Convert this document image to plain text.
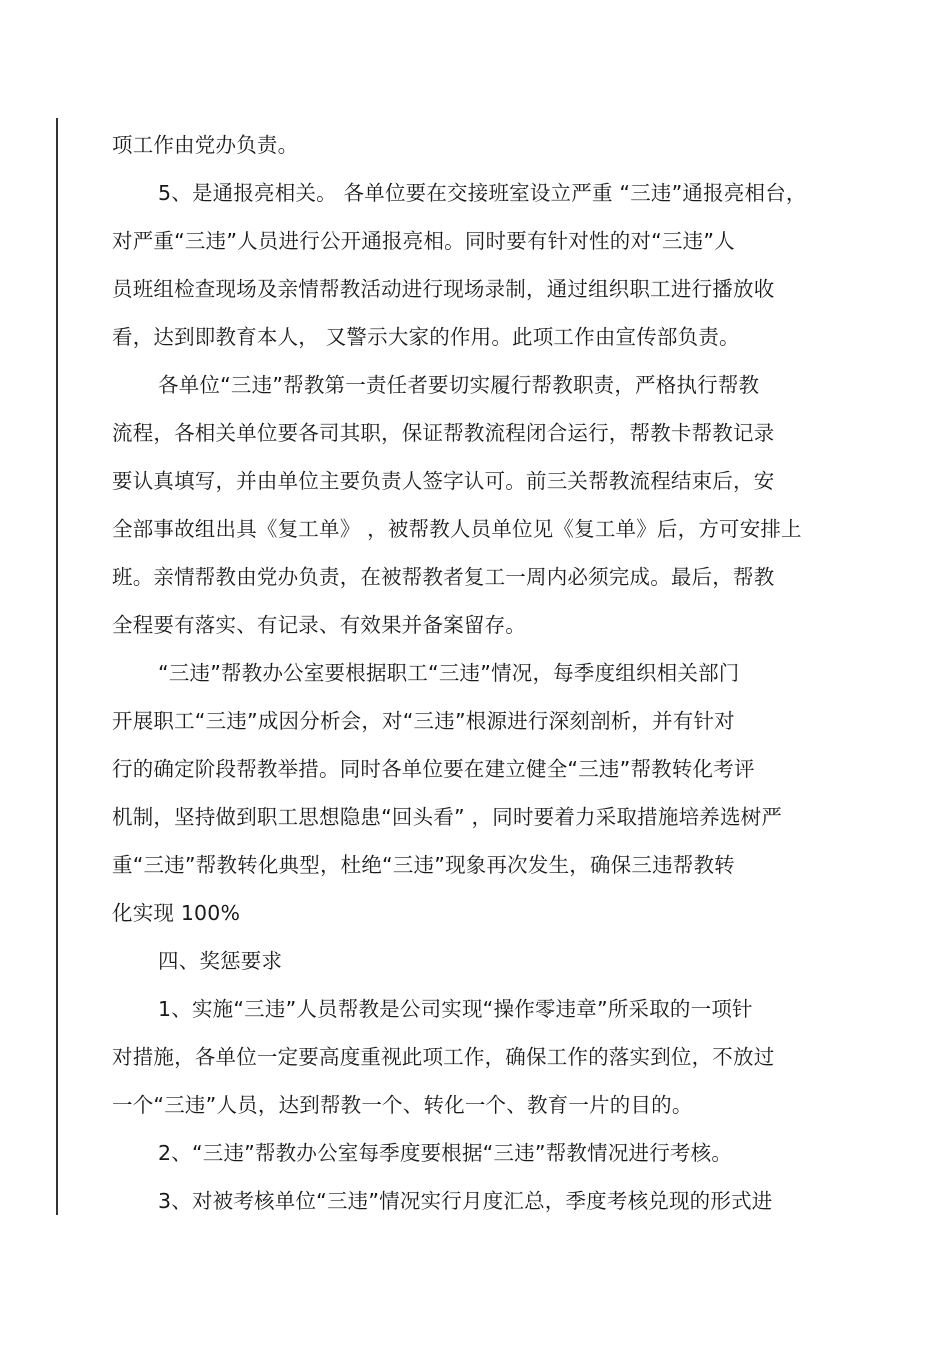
项工作由党办负责。
5、是通报亮相关。 各单位要在交接班室设立严重 “三违”通报亮相台，
对严重“三违”人员进行公开通报亮相。同时要有针对性的对“三违”人
员班组检查现场及亲情帮教活动进行现场录制，通过组织职工进行播放收
看，达到即教育本人， 又警示大家的作用。此项工作由宣传部负责。
各单位“三违”帮教第一责任者要切实履行帮教职责，严格执行帮教
流程，各相关单位要各司其职，保证帮教流程闭合运行，帮教卡帮教记录
要认真填写，并由单位主要负责人签字认可。前三关帮教流程结束后，安
全部事故组出具《复工单》 ，被帮教人员单位见《复工单》后，方可安排上
班。亲情帮教由党办负责，在被帮教者复工一周内必须完成。最后，帮教
全程要有落实、有记录、有效果并备案留存。
“三违”帮教办公室要根据职工“三违”情况，每季度组织相关部门
开展职工“三违”成因分析会，对“三违”根源进行深刻剖析，并有针对
行的确定阶段帮教举措。同时各单位要在建立健全“三违”帮教转化考评
机制，坚持做到职工思想隐患“回头看” ，同时要着力采取措施培养选树严
重“三违”帮教转化典型，杜绝“三违”现象再次发生，确保三违帮教转
化实现 100%
四、奖惩要求
1、实施“三违”人员帮教是公司实现“操作零违章”所采取的一项针
对措施，各单位一定要高度重视此项工作，确保工作的落实到位，不放过
一个“三违”人员，达到帮教一个、转化一个、教育一片的目的。
2、“三违”帮教办公室每季度要根据“三违”帮教情况进行考核。
3、对被考核单位“三违”情况实行月度汇总，季度考核兑现的形式进
